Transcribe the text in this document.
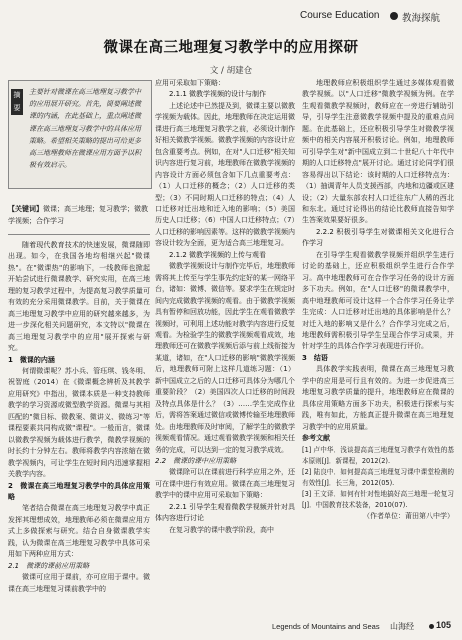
Course Education 教海探航
微课在高三地理复习教学中的应用探研
文 / 胡建仓
摘要
主要针对微课在高三地理复习教学中的应用展开研究。首先，简要阐述微课的内涵，在此基础上，重点阐述微课在高三地理复习教学中的具体应用策略。希望相关策略的提出可给更多高三地理教师在微课应用方面予以积极有效启示。
【关键词】微课；高三地理；复习教学；微教学视频；合作学习

随着现代教育技术的快速发展，微课随即出现。如今，在我国各地均相继兴起"微课热"。在"微课热"的影响下，一线教师也掀起开始尝试进行微课教学、研究实用，在高三地理的复习教学过程中，为提高复习教学质量可有效的充分采用微课教学。目前，关于微课在高三地理复习教学中应用的研究越来越多，为进一步深化相关问题研究，本文特以"微课在高三地理复习教学中的应用"展开探索与研究。

1　微课的内涵

何谓微课呢？苏小兵、管珏琪、钱冬明、祝智庭（2014）在《微课概念辨析及其教学应用研究》中指出，微课本质是一种支持教师教学的学习资源或微型教学资源。微课与其相匹配的"微目标、微教案、微讲义、微练习"等课程要素共同构成微"课程"。一般而言，微课以微教学视频为载体进行教学，微教学视频的时长约十分钟左右。教师将教学内容浓缩在微教学视频内，可让学生在短时间内迅速掌握相关教学内容。

2　微课在高三地理复习教学中的具体应用策略

笔者结合微课在高三地理复习教学中真正发挥其理想成效，地理教师必须在微课应用方式上多做探索与研究。结合自身微课教学实践，认为微课在高三地理复习教学中具体可采用如下两种应用方式：

2.1　微课的课前应用策略

微课可应用于课前，亦可应用于课中。微课在高三地理复习课前教学中的

应用可采取如下策略：

2.1.1 微教学视频的设计与制作

上述论述中已然提及到，微课主要以微教学视频为载体。因此，地理教师在决定运用微课进行高三地理复习教学之前，必须设计制作好相关微教学视频。微教学视频的内容设计应包含重要考点。例如，在对"人口迁移"相关知识内容进行复习前，地理教师在微教学视频的内容设计方面必须包含如下几点重要考点：（1）人口迁移的概念；（2）人口迁移的类型；（3）不同时期人口迁移的特点；（4）人口迁移对迁出地和迁入地的影响；（5）美国历史人口迁移；（6）中国人口迁移特点；（7）人口迁移的影响因素等。这样的微教学视频内容设计较为全面，更为适合高三地理复习。

2.1.2 微教学视频的上传与观看

微教学视频设计与制作完毕后，地理教师需将其上传至与学生事先约定好的某一网络平台，诸如：微博、微信等。要求学生在规定时间内完成微教学视频的观看。由于微教学视频具有暂停和回放功能，因此学生在观看微教学视频时，可利用上述功能对教学内容进行反复观看。为检验学生的微教学视频观看成效，地理教师还可在微教学视频后添与前上线衔接为某道，诸如，在"人口迁移的影响"微教学视频后，地理教师可附上这样几道练习题：（1）新中国成立之后的人口迁移可具体分为哪几个重要阶段？（2）美国四次人口迁移的时间段及特点具体是什么？（3）……学生完成作业后，需将答案通过微信或微博传输至地理教师处。由地理教师及时审阅，了解学生的微教学视频观看情况。通过观看微教学视频和相关任务的完成，可以达到一定的复习教学成效。

2.2　微课的课中应用策略

微课除可以在课前进行科学应用之外，还可在课中进行有效应用。微课在高三地理复习教学中的课中应用可采取如下策略：

2.2.1 引导学生观看微教学视频并针对具体内容进行讨论

在复习教学的课中教学阶段，高中

地理教师应积极组织学生通过多媒体观看微教学视频。以"人口迁移"微教学视频为例。在学生观看微教学视频时，教师应在一旁进行辅助引导，引导学生注意微教学视频中提及的重难点问题。在此基础上，还应积极引导学生对微教学视频中的相关内容展开积极讨论。例如，地理教师可引导学生对"新中国成立到二十世纪八十年代中期的人口迁移特点"展开讨论。通过讨论同学们很容易得出以下结论：该时期的人口迁移特点为：（1）抽调青年人员支援西部，内地和边疆或区建设；（2）大量东部农村人口迁往东广人稀的西北和东北。通过讨论得出的结论比教师直接告知学生答案效果要好很多。

2.2.2 积极引导学生对微课相关文化进行合作学习

在引导学生观看微教学视频并组织学生进行讨论的基础上，还应积极组织学生进行合作学习。高中地理教师可在合作学习任务的设计方面多下功夫。例如，在"人口迁移"的微课教学中，高中地理教师可设计这样一个合作学习任务让学生完成：人口迁移对迁出地的具体影响是什么？对迁入地的影响又是什么？合作学习完成之后，地理教师需积极引导学生呈现合作学习成果，并针对学生的具体合作学习表现进行评价。

3　结语

具体教学实践表明，微课在高三地理复习教学中的应用是可行且有效的。为进一步促进高三地理复习教学质量的提升，地理教师应在微课的具体应用策略方面多下功夫，积极进行探索与实践，唯有如此，方能真正提升微课在高三地理复习教学中的应用质量。

参考文献

[1] 卢中华．浅谈提高高三地理复习教学有效性的基本原则[J]．新课程，2012(2).

[2] 陆良中．如何提高高三地理复习课中课堂检测的有效性[J]．长三角，2012(05).

[3] 王文译．如何有针对性地搞好高三地理一轮复习[J]．中国教育技术装备，2010(07).

（作者单位：莆田第八中学）

Legends of Mountains and Seas 山海经 105
